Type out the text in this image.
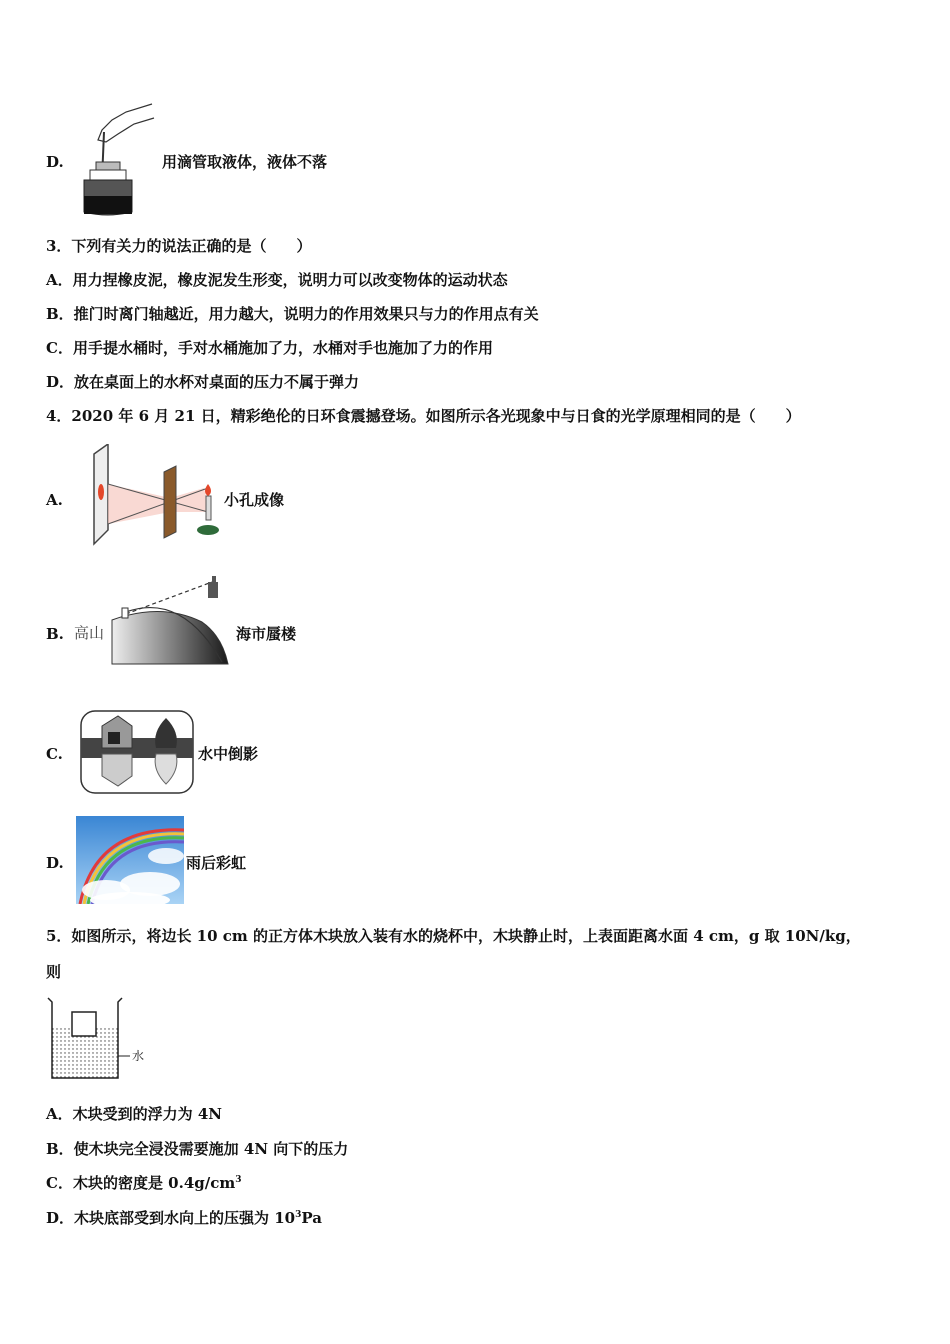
D.	用滴管取液体，液体不落
3．下列有关力的说法正确的是（　　）
A．用力捏橡皮泥，橡皮泥发生形变，说明力可以改变物体的运动状态
B．推门时离门轴越近，用力越大，说明力的作用效果只与力的作用点有关
C．用手提水桶时，手对水桶施加了力，水桶对手也施加了力的作用
D．放在桌面上的水杯对桌面的压力不属于弹力
4．2020 年 6 月 21 日，精彩绝伦的日环食震撼登场。如图所示各光现象中与日食的光学原理相同的是（　　）
A.	小孔成像
B. 高山	海市蜃楼
C.	水中倒影
D.	雨后彩虹
5．如图所示，将边长 10 cm 的正方体木块放入装有水的烧杯中，木块静止时，上表面距离水面 4 cm，g 取 10N/kg，
则
水
A．木块受到的浮力为 4N
B．使木块完全浸没需要施加 4N 向下的压力
C．木块的密度是 $0.4g/cm^3$
D．木块底部受到水向上的压强为 $10^3Pa$
